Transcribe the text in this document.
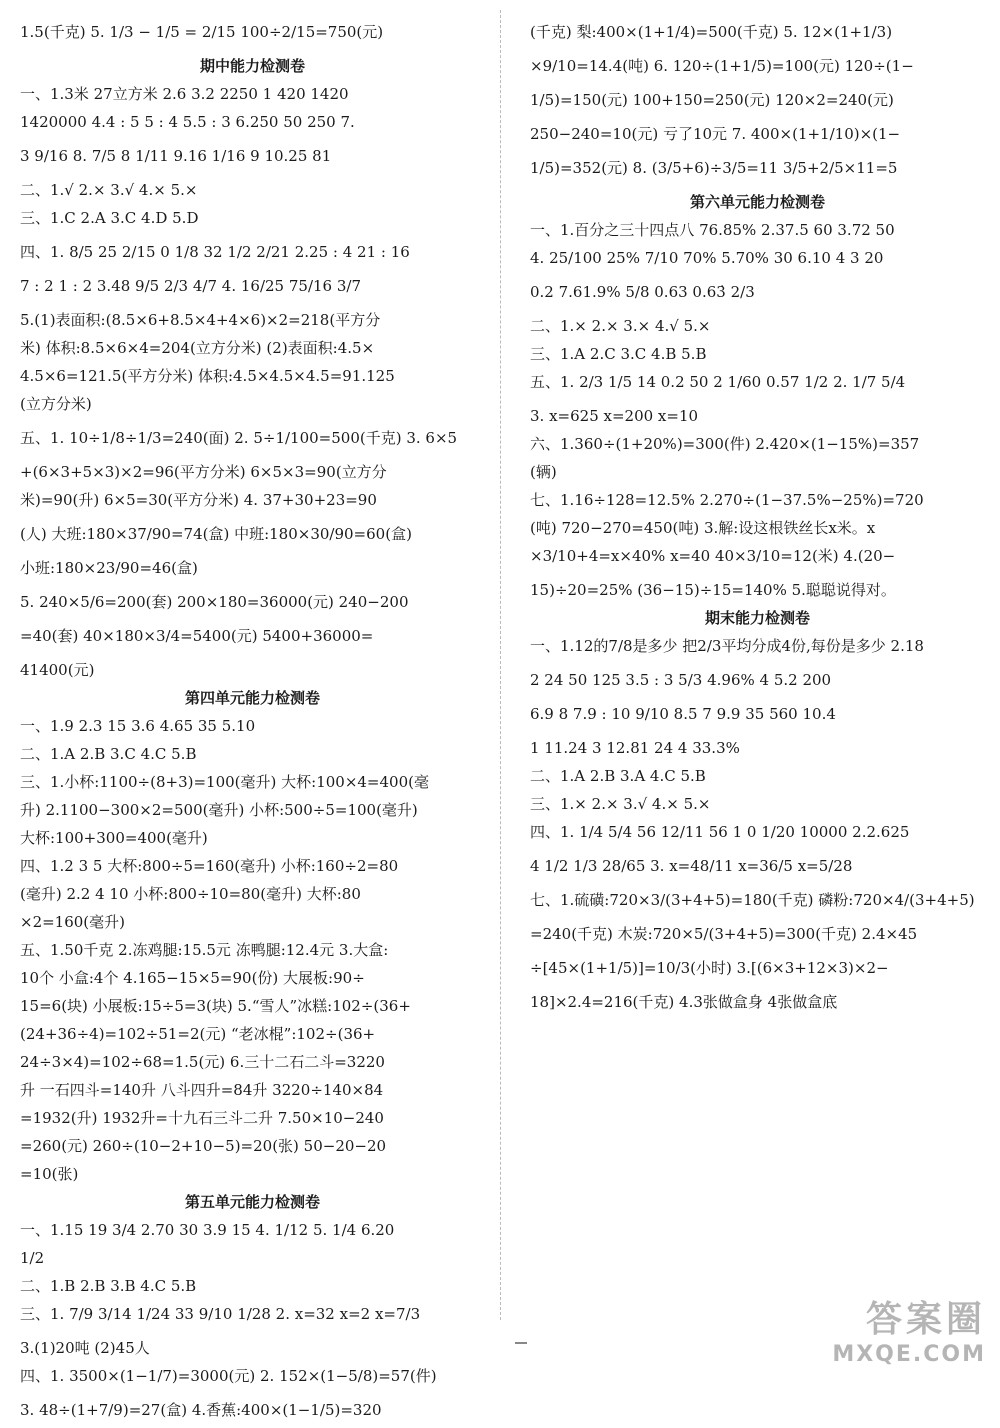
1.5(千克) 5. 1/3 − 1/5 = 2/15 100÷2/15=750(元)
期中能力检测卷
一、1.3米 27立方米 2.6 3.2 2250 1 420 1420
1420000 4.4 : 5 5 : 4 5.5 : 3 6.250 50 250 7.
3 9/16 8. 7/5 8 1/11 9.16 1/16 9 10.25 81
二、1.√ 2.× 3.√ 4.× 5.×
三、1.C 2.A 3.C 4.D 5.D
四、1. 8/5 25 2/15 0 1/8 32 1/2 2/21 2.25 : 4 21 : 16
7 : 2 1 : 2 3.48 9/5 2/3 4/7 4. 16/25 75/16 3/7
5.(1)表面积:(8.5×6+8.5×4+4×6)×2=218(平方分
米) 体积:8.5×6×4=204(立方分米) (2)表面积:4.5×
4.5×6=121.5(平方分米) 体积:4.5×4.5×4.5=91.125
(立方分米)
五、1. 10÷1/8÷1/3=240(面) 2. 5÷1/100=500(千克) 3. 6×5
+(6×3+5×3)×2=96(平方分米) 6×5×3=90(立方分
米)=90(升) 6×5=30(平方分米) 4. 37+30+23=90
(人) 大班:180×37/90=74(盒) 中班:180×30/90=60(盒)
小班:180×23/90=46(盒)
5. 240×5/6=200(套) 200×180=36000(元) 240−200
=40(套) 40×180×3/4=5400(元) 5400+36000=
41400(元)
第四单元能力检测卷
一、1.9 2.3 15 3.6 4.65 35 5.10
二、1.A 2.B 3.C 4.C 5.B
三、1.小杯:1100÷(8+3)=100(毫升) 大杯:100×4=400(毫
升) 2.1100−300×2=500(毫升) 小杯:500÷5=100(毫升)
大杯:100+300=400(毫升)
四、1.2 3 5 大杯:800÷5=160(毫升) 小杯:160÷2=80
(毫升) 2.2 4 10 小杯:800÷10=80(毫升) 大杯:80
×2=160(毫升)
五、1.50千克 2.冻鸡腿:15.5元 冻鸭腿:12.4元 3.大盒:
10个 小盒:4个 4.165−15×5=90(份) 大展板:90÷
15=6(块) 小展板:15÷5=3(块) 5.“雪人”冰糕:102÷(36+
(24+36÷4)=102÷51=2(元) “老冰棍”:102÷(36+
24÷3×4)=102÷68=1.5(元) 6.三十二石二斗=3220
升 一石四斗=140升 八斗四升=84升 3220÷140×84
=1932(升) 1932升=十九石三斗二升 7.50×10−240
=260(元) 260÷(10−2+10−5)=20(张) 50−20−20
=10(张)
第五单元能力检测卷
一、1.15 19 3/4 2.70 30 3.9 15 4. 1/12 5. 1/4 6.20
1/2
二、1.B 2.B 3.B 4.C 5.B
三、1. 7/9 3/14 1/24 33 9/10 1/28 2. x=32 x=2 x=7/3
3.(1)20吨 (2)45人
四、1. 3500×(1−1/7)=3000(元) 2. 152×(1−5/8)=57(件)
3. 48÷(1+7/9)=27(盒) 4.香蕉:400×(1−1/5)=320
(千克) 梨:400×(1+1/4)=500(千克) 5. 12×(1+1/3)
×9/10=14.4(吨) 6. 120÷(1+1/5)=100(元) 120÷(1−
1/5)=150(元) 100+150=250(元) 120×2=240(元)
250−240=10(元) 亏了10元 7. 400×(1+1/10)×(1−
1/5)=352(元) 8. (3/5+6)÷3/5=11 3/5+2/5×11=5
第六单元能力检测卷
一、1.百分之三十四点八 76.85% 2.37.5 60 3.72 50
4. 25/100 25% 7/10 70% 5.70% 30 6.10 4 3 20
0.2 7.61.9% 5/8 0.63 0.63̇ 2/3
二、1.× 2.× 3.× 4.√ 5.×
三、1.A 2.C 3.C 4.B 5.B
五、1. 2/3 1/5 14 0.2 50 2 1/60 0.57 1/2 2. 1/7 5/4
3. x=625 x=200 x=10
六、1.360÷(1+20%)=300(件) 2.420×(1−15%)=357
(辆)
七、1.16÷128=12.5% 2.270÷(1−37.5%−25%)=720
(吨) 720−270=450(吨) 3.解:设这根铁丝长x米。x
×3/10+4=x×40% x=40 40×3/10=12(米) 4.(20−
15)÷20=25% (36−15)÷15=140% 5.聪聪说得对。
期末能力检测卷
一、1.12的7/8是多少 把2/3平均分成4份,每份是多少 2.18
2 24 50 125 3.5 : 3 5/3 4.96% 4 5.2 200
6.9 8 7.9 : 10 9/10 8.5 7 9.9 35 560 10.4
1 11.24 3 12.81 24 4 33.3%
二、1.A 2.B 3.A 4.C 5.B
三、1.× 2.× 3.√ 4.× 5.×
四、1. 1/4 5/4 56 12/11 56 1 0 1/20 10000 2.2.625
4 1/2 1/3 28/65 3. x=48/11 x=36/5 x=5/28
七、1.硫磺:720×3/(3+4+5)=180(千克) 磷粉:720×4/(3+4+5)
=240(千克) 木炭:720×5/(3+4+5)=300(千克) 2.4×45
÷[45×(1+1/5)]=10/3(小时) 3.[(6×3+12×3)×2−
18]×2.4=216(千克) 4.3张做盒身 4张做盒底
答案圈
MXQE.COM
